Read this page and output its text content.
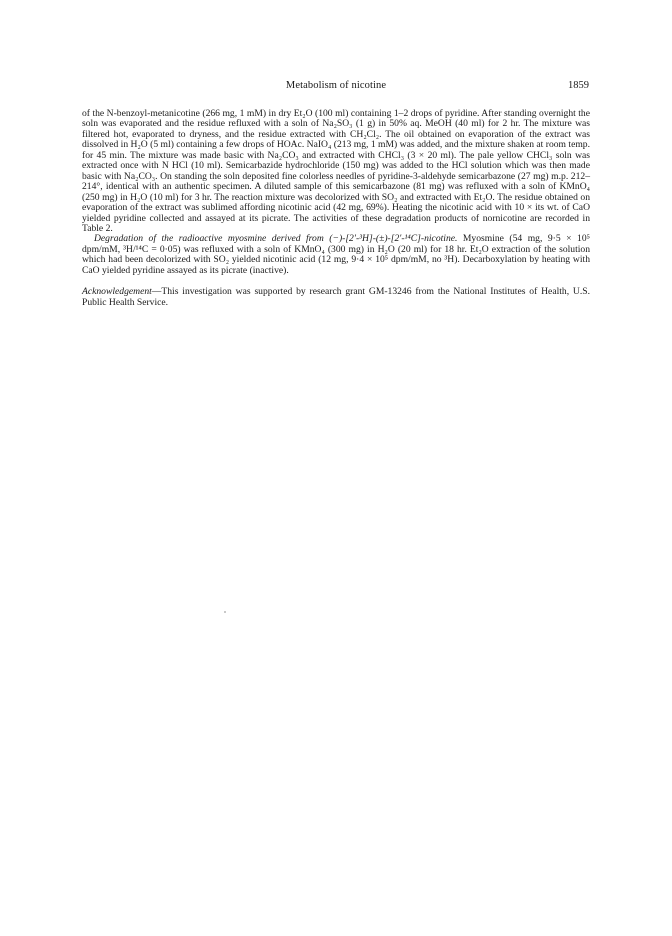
Metabolism of nicotine	1859

of the N-benzoyl-metanicotine (266 mg, 1 mM) in dry Et₂O (100 ml) containing 1–2 drops of pyridine. After standing overnight the soln was evaporated and the residue refluxed with a soln of Na₂SO₃ (1 g) in 50% aq. MeOH (40 ml) for 2 hr. The mixture was filtered hot, evaporated to dryness, and the residue extracted with CH₂Cl₂. The oil obtained on evaporation of the extract was dissolved in H₂O (5 ml) containing a few drops of HOAc. NaIO₄ (213 mg, 1 mM) was added, and the mixture shaken at room temp. for 45 min. The mixture was made basic with Na₂CO₃ and extracted with CHCl₃ (3 × 20 ml). The pale yellow CHCl₃ soln was extracted once with N HCl (10 ml). Semicarbazide hydrochloride (150 mg) was added to the HCl solution which was then made basic with Na₂CO₃. On standing the soln deposited fine colorless needles of pyridine-3-aldehyde semicarbazone (27 mg) m.p. 212–214°, identical with an authentic specimen. A diluted sample of this semicarbazone (81 mg) was refluxed with a soln of KMnO₄ (250 mg) in H₂O (10 ml) for 3 hr. The reaction mixture was decolorized with SO₂ and extracted with Et₂O. The residue obtained on evaporation of the extract was sublimed affording nicotinic acid (42 mg, 69%). Heating the nicotinic acid with 10 × its wt. of CaO yielded pyridine collected and assayed at its picrate. The activities of these degradation products of nornicotine are recorded in Table 2.

Degradation of the radioactive myosmine derived from (−)-[2′-³H]-(±)-[2′-¹⁴C]-nicotine. Myosmine (54 mg, 9·5 × 10⁵ dpm/mM, ³H/¹⁴C = 0·05) was refluxed with a soln of KMnO₄ (300 mg) in H₂O (20 ml) for 18 hr. Et₂O extraction of the solution which had been decolorized with SO₂ yielded nicotinic acid (12 mg, 9·4 × 10⁵ dpm/mM, no ³H). Decarboxylation by heating with CaO yielded pyridine assayed as its picrate (inactive).

Acknowledgement—This investigation was supported by research grant GM-13246 from the National Institutes of Health, U.S. Public Health Service.
